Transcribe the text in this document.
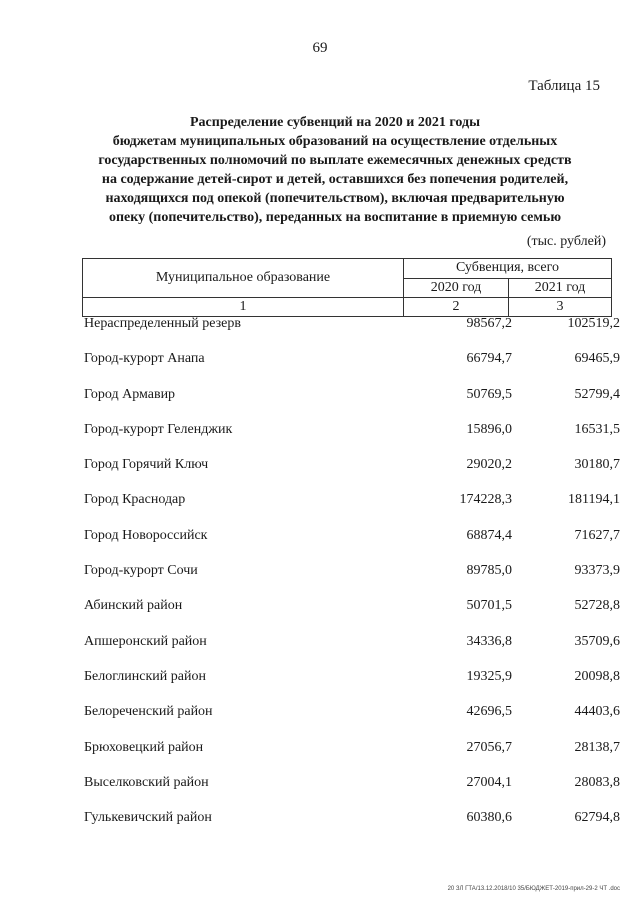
69
Таблица 15
Распределение субвенций на 2020 и 2021 годы
бюджетам муниципальных образований на осуществление отдельных
государственных полномочий по выплате ежемесячных денежных средств
на содержание детей-сирот и детей, оставшихся без попечения родителей,
находящихся под опекой (попечительством), включая предварительную
опеку (попечительство), переданных на воспитание в приемную семью
(тыс. рублей)
Муниципальное образование	Субвенция, всего	
	2020 год	2021 год
1	2	3
Нераспределенный резерв	98567,2	102519,2
Город-курорт Анапа	66794,7	69465,9
Город Армавир	50769,5	52799,4
Город-курорт Геленджик	15896,0	16531,5
Город Горячий Ключ	29020,2	30180,7
Город Краснодар	174228,3	181194,1
Город Новороссийск	68874,4	71627,7
Город-курорт Сочи	89785,0	93373,9
Абинский район	50701,5	52728,8
Апшеронский район	34336,8	35709,6
Белоглинский район	19325,9	20098,8
Белореченский район	42696,5	44403,6
Брюховецкий район	27056,7	28138,7
Выселковский район	27004,1	28083,8
Гулькевичский район	60380,6	62794,8
20 ЗЛ ГТА/13.12.2018/10 35/БЮДЖЕТ-2019-прил-29-2 ЧТ .doc
